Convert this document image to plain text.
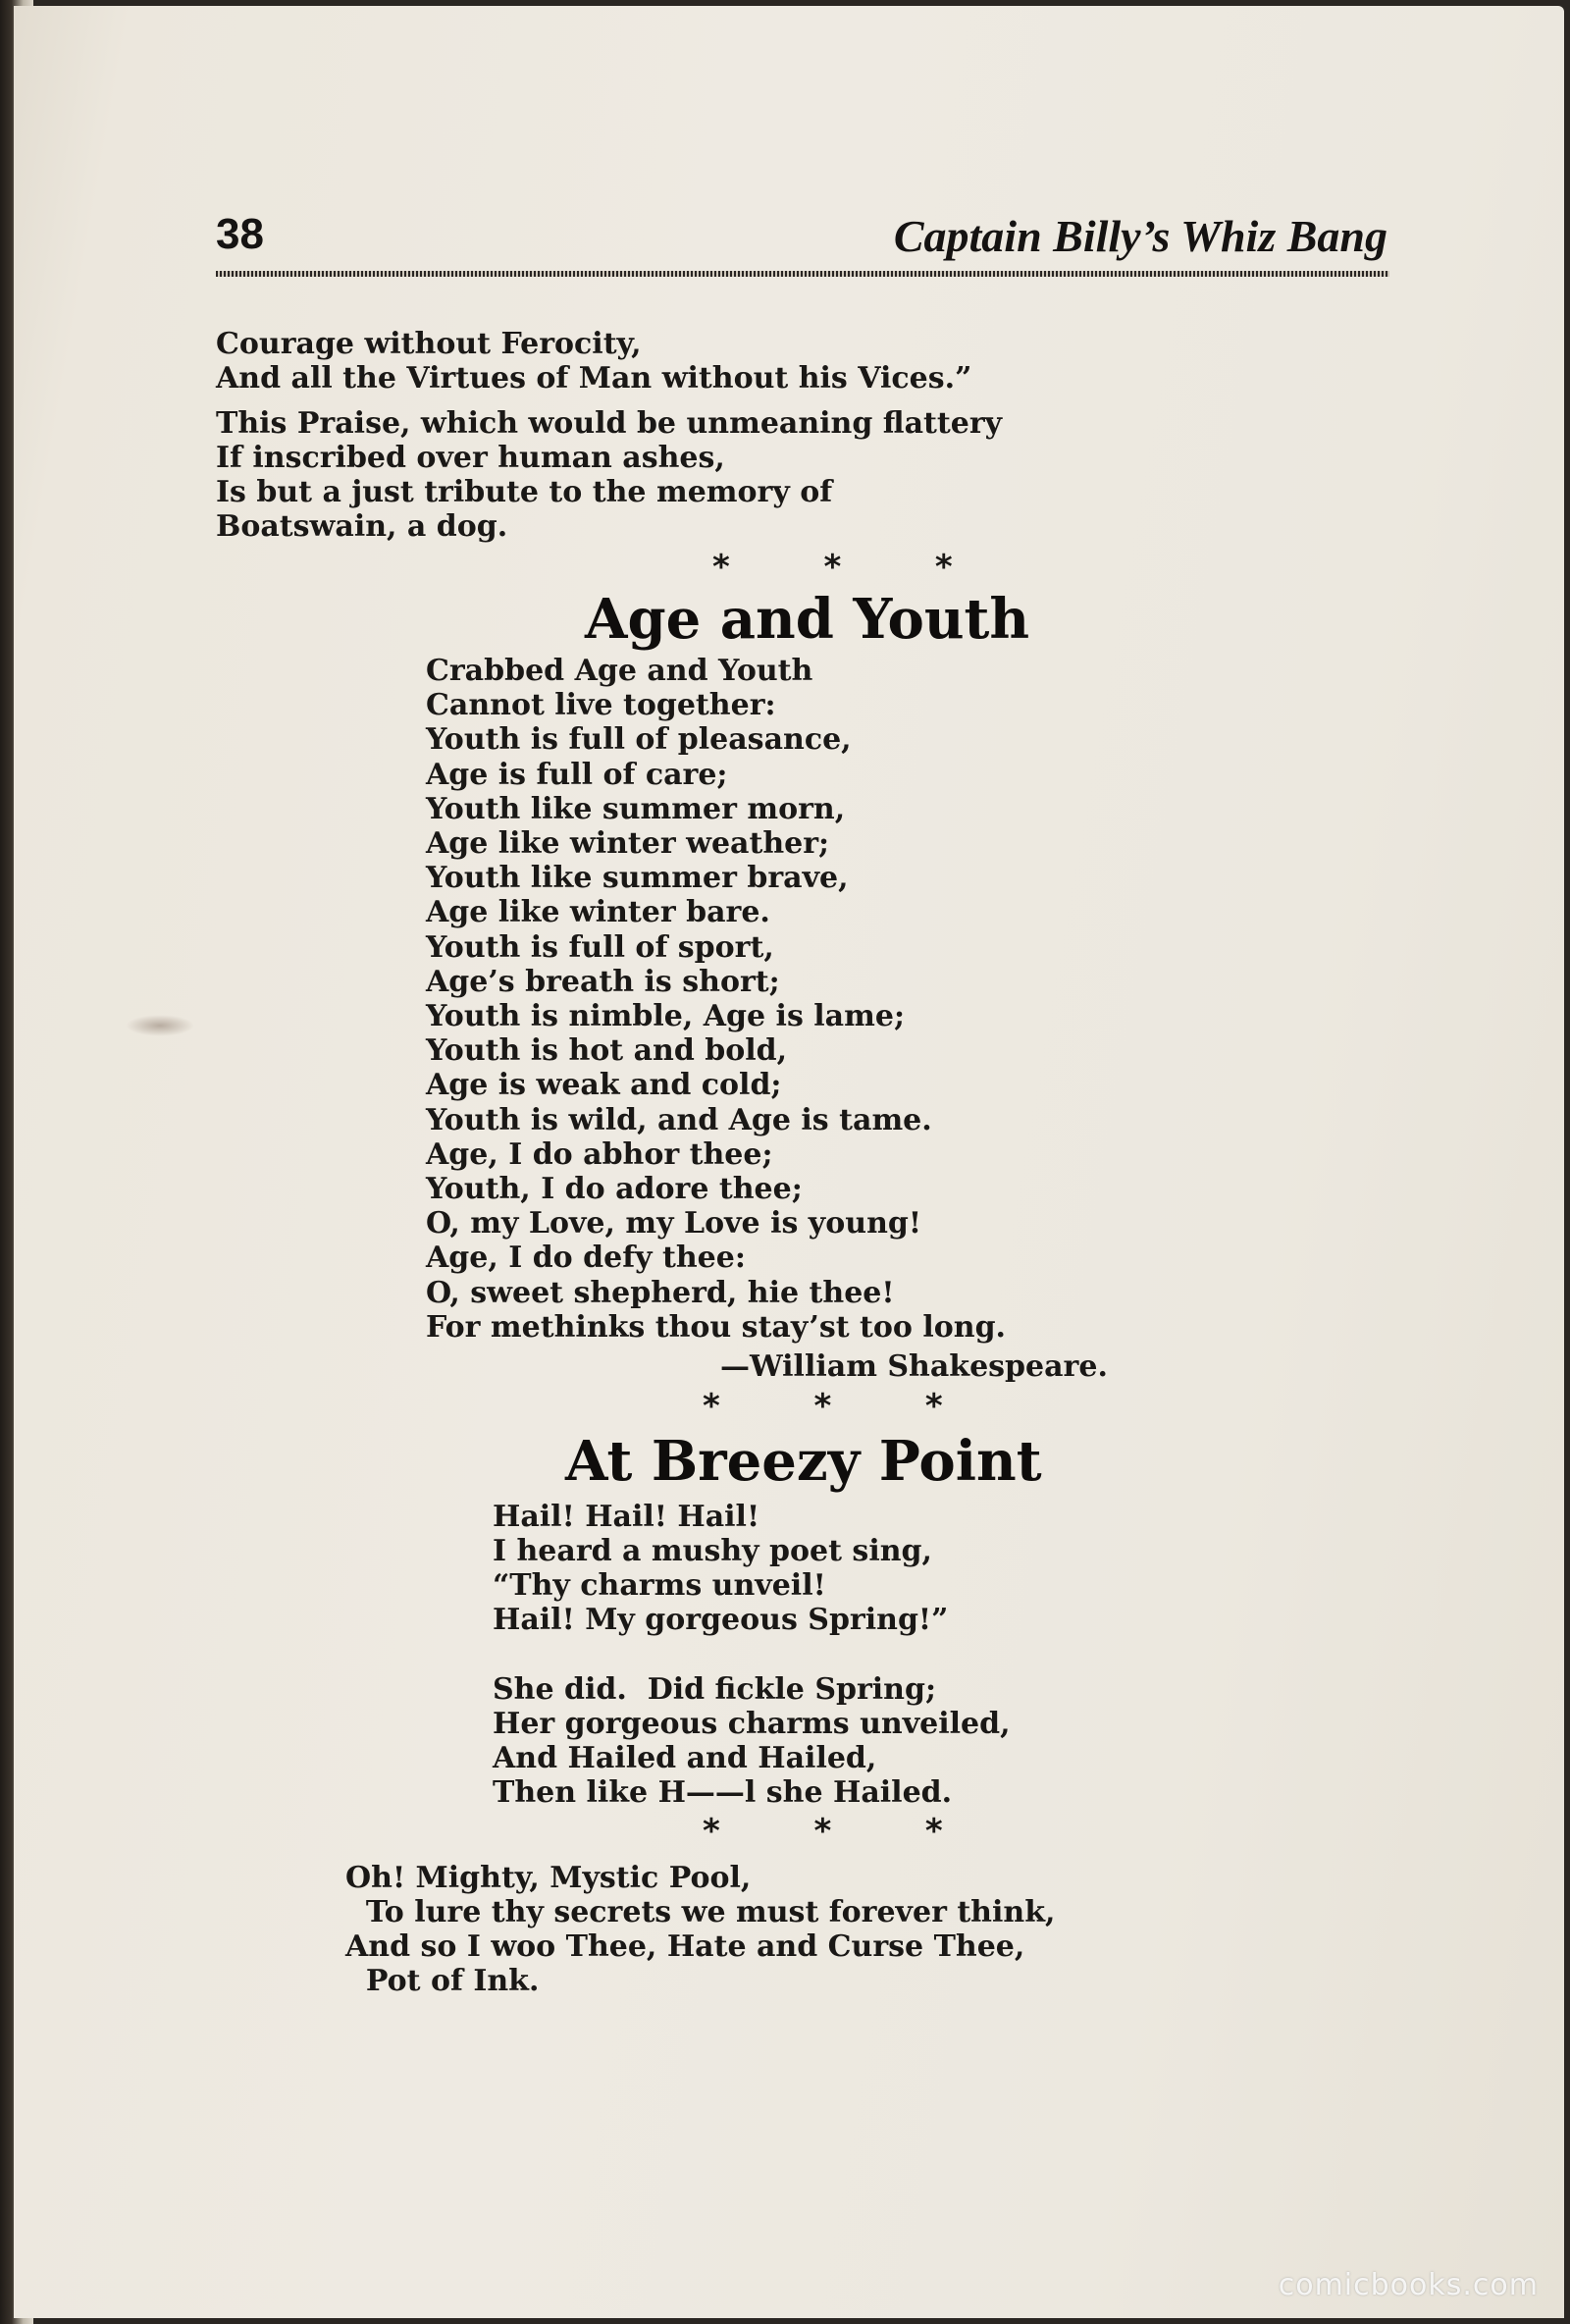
38	Captain Billy’s Whiz Bang
Courage without Ferocity,
And all the Virtues of Man without his Vices.”
This Praise, which would be unmeaning flattery
If inscribed over human ashes,
Is but a just tribute to the memory of
Boatswain, a dog.
*  *  *
Age and Youth
Crabbed Age and Youth
Cannot live together:
Youth is full of pleasance,
Age is full of care;
Youth like summer morn,
Age like winter weather;
Youth like summer brave,
Age like winter bare.
Youth is full of sport,
Age’s breath is short;
Youth is nimble, Age is lame;
Youth is hot and bold,
Age is weak and cold;
Youth is wild, and Age is tame.
Age, I do abhor thee;
Youth, I do adore thee;
O, my Love, my Love is young!
Age, I do defy thee:
O, sweet shepherd, hie thee!
For methinks thou stay’st too long.
—William Shakespeare.
*  *  *
At Breezy Point
Hail! Hail! Hail!
I heard a mushy poet sing,
“Thy charms unveil!
Hail! My gorgeous Spring!”
She did.  Did fickle Spring;
Her gorgeous charms unveiled,
And Hailed and Hailed,
Then like H——l she Hailed.
*  *  *
Oh! Mighty, Mystic Pool,
To lure thy secrets we must forever think,
And so I woo Thee, Hate and Curse Thee,
Pot of Ink.
comicbooks.com
